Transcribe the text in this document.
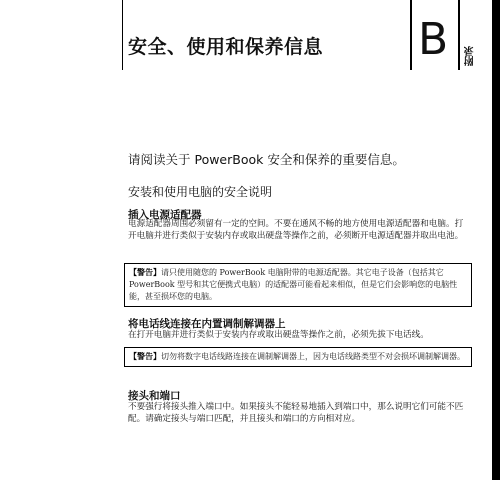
安全、使用和保养信息 B 附录
请阅读关于 PowerBook 安全和保养的重要信息。
安装和使用电脑的安全说明
插入电源适配器
电源适配器周围必须留有一定的空间。不要在通风不畅的地方使用电源适配器和电脑。打开电脑并进行类似于安装内存或取出硬盘等操作之前，必须断开电源适配器并取出电池。
【警告】请只使用随您的 PowerBook 电脑附带的电源适配器。其它电子设备（包括其它 PowerBook 型号和其它便携式电脑）的适配器可能看起来相似，但是它们会影响您的电脑性能，甚至损坏您的电脑。
将电话线连接在内置调制解调器上
在打开电脑并进行类似于安装内存或取出硬盘等操作之前，必须先拔下电话线。
【警告】切勿将数字电话线路连接在调制解调器上，因为电话线路类型不对会损坏调制解调器。
接头和端口
不要强行将接头推入端口中。如果接头不能轻易地插入到端口中，那么说明它们可能不匹配。请确定接头与端口匹配，并且接头和端口的方向相对应。
